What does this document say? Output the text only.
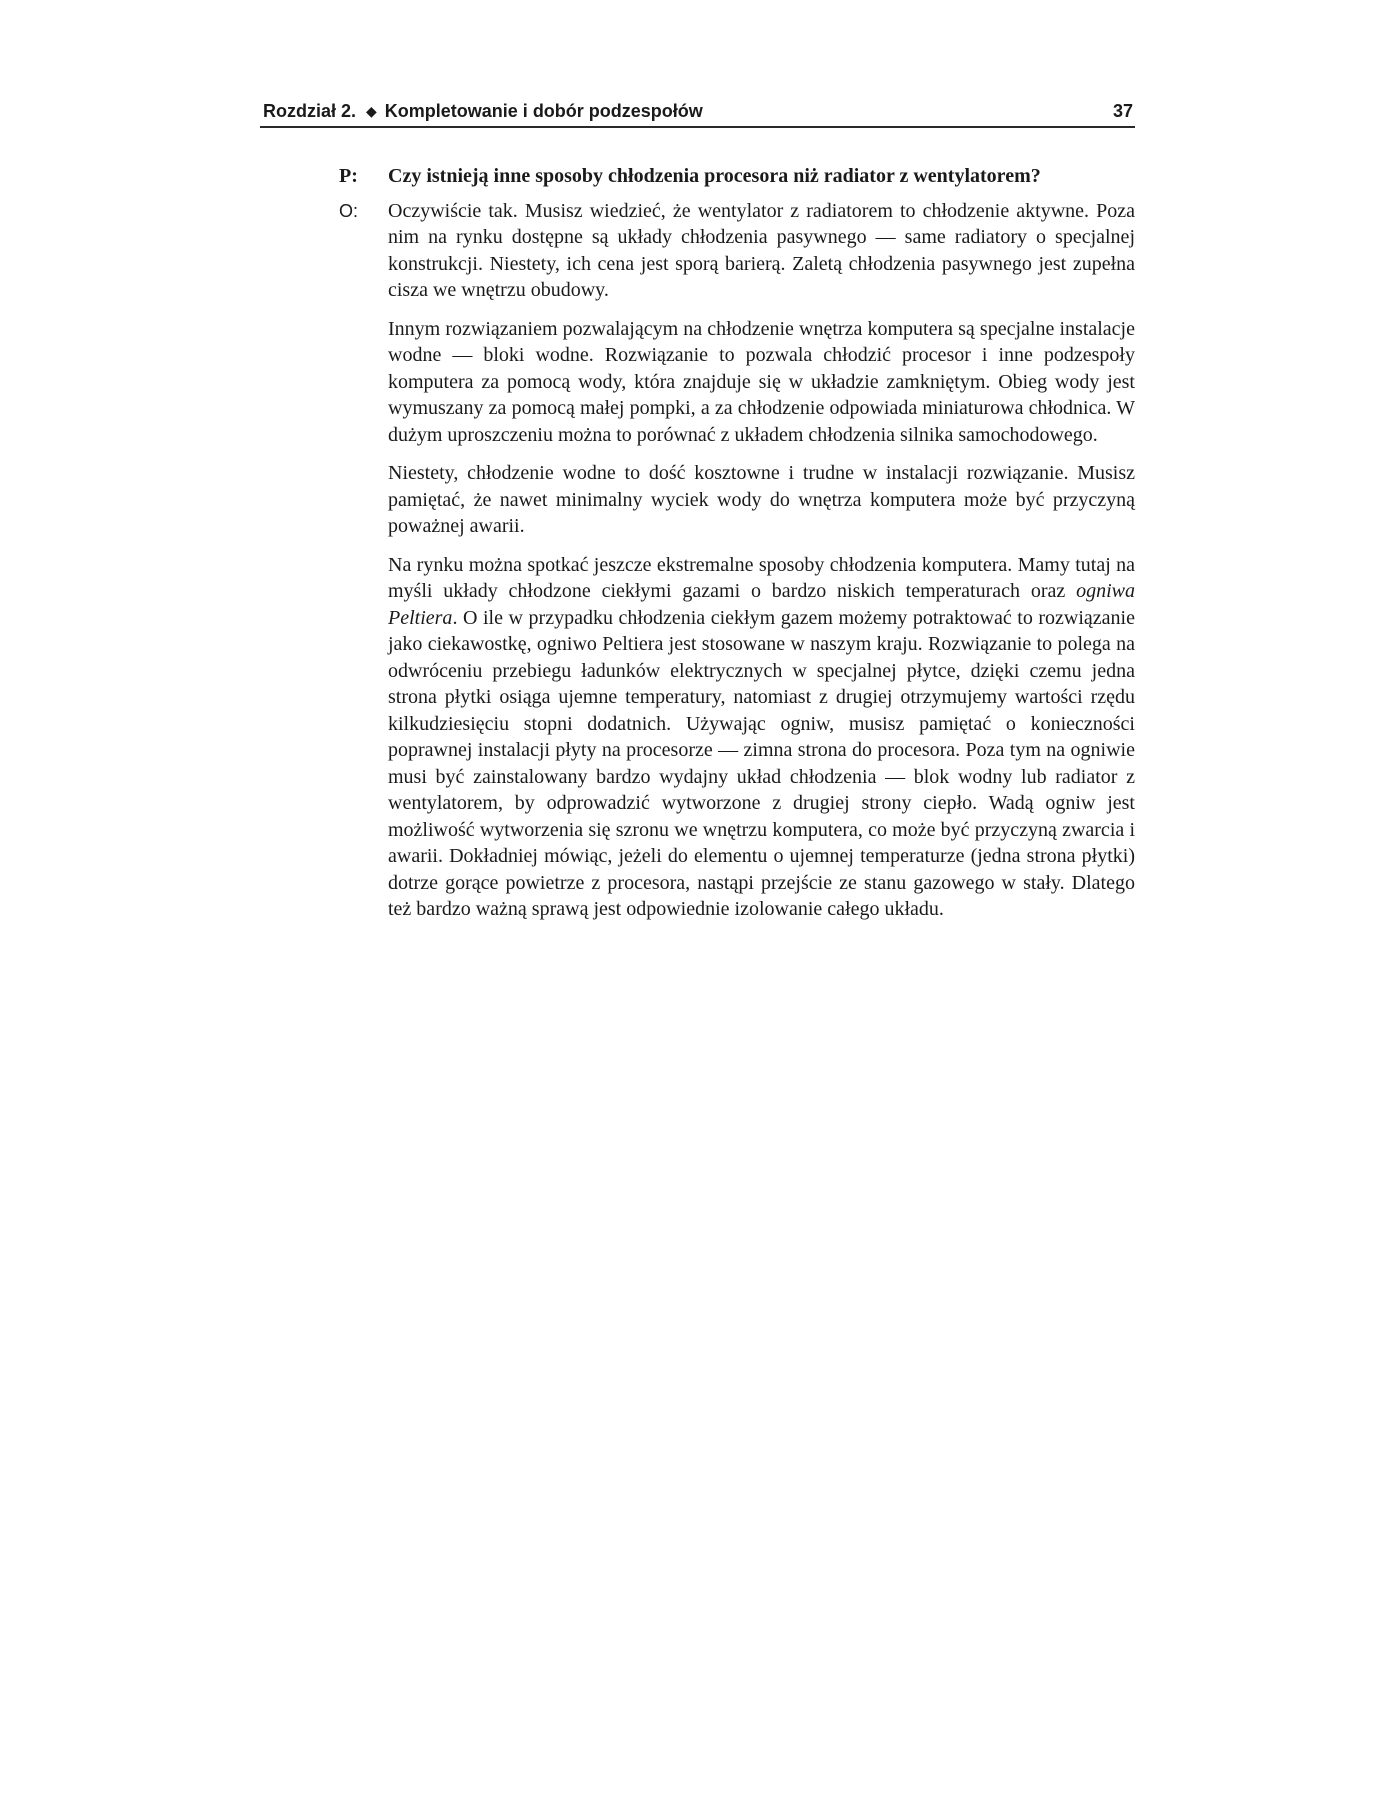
Rozdział 2. ◆ Kompletowanie i dobór podzespołów	37
P: Czy istnieją inne sposoby chłodzenia procesora niż radiator z wentylatorem?
O: Oczywiście tak. Musisz wiedzieć, że wentylator z radiatorem to chłodzenie aktywne. Poza nim na rynku dostępne są układy chłodzenia pasywnego — same radiatory o specjalnej konstrukcji. Niestety, ich cena jest sporą barierą. Zaletą chłodzenia pasywnego jest zupełna cisza we wnętrzu obudowy.

Innym rozwiązaniem pozwalającym na chłodzenie wnętrza komputera są specjalne instalacje wodne — bloki wodne. Rozwiązanie to pozwala chłodzić procesor i inne podzespoły komputera za pomocą wody, która znajduje się w układzie zamkniętym. Obieg wody jest wymuszany za pomocą małej pompki, a za chłodzenie odpowiada miniaturowa chłodnica. W dużym uproszczeniu można to porównać z układem chłodzenia silnika samochodowego.

Niestety, chłodzenie wodne to dość kosztowne i trudne w instalacji rozwiązanie. Musisz pamiętać, że nawet minimalny wyciek wody do wnętrza komputera może być przyczyną poważnej awarii.

Na rynku można spotkać jeszcze ekstremalne sposoby chłodzenia komputera. Mamy tutaj na myśli układy chłodzone ciekłymi gazami o bardzo niskich temperaturach oraz ogniwa Peltiera. O ile w przypadku chłodzenia ciekłym gazem możemy potraktować to rozwiązanie jako ciekawostkę, ogniwo Peltiera jest stosowane w naszym kraju. Rozwiązanie to polega na odwróceniu przebiegu ładunków elektrycznych w specjalnej płytce, dzięki czemu jedna strona płytki osiąga ujemne temperatury, natomiast z drugiej otrzymujemy wartości rzędu kilkudziesięciu stopni dodatnich. Używając ogniw, musisz pamiętać o konieczności poprawnej instalacji płyty na procesorze — zimna strona do procesora. Poza tym na ogniwie musi być zainstalowany bardzo wydajny układ chłodzenia — blok wodny lub radiator z wentylatorem, by odprowadzić wytworzone z drugiej strony ciepło. Wadą ogniw jest możliwość wytworzenia się szronu we wnętrzu komputera, co może być przyczyną zwarcia i awarii. Dokładniej mówiąc, jeżeli do elementu o ujemnej temperaturze (jedna strona płytki) dotrze gorące powietrze z procesora, nastąpi przejście ze stanu gazowego w stały. Dlatego też bardzo ważną sprawą jest odpowiednie izolowanie całego układu.
